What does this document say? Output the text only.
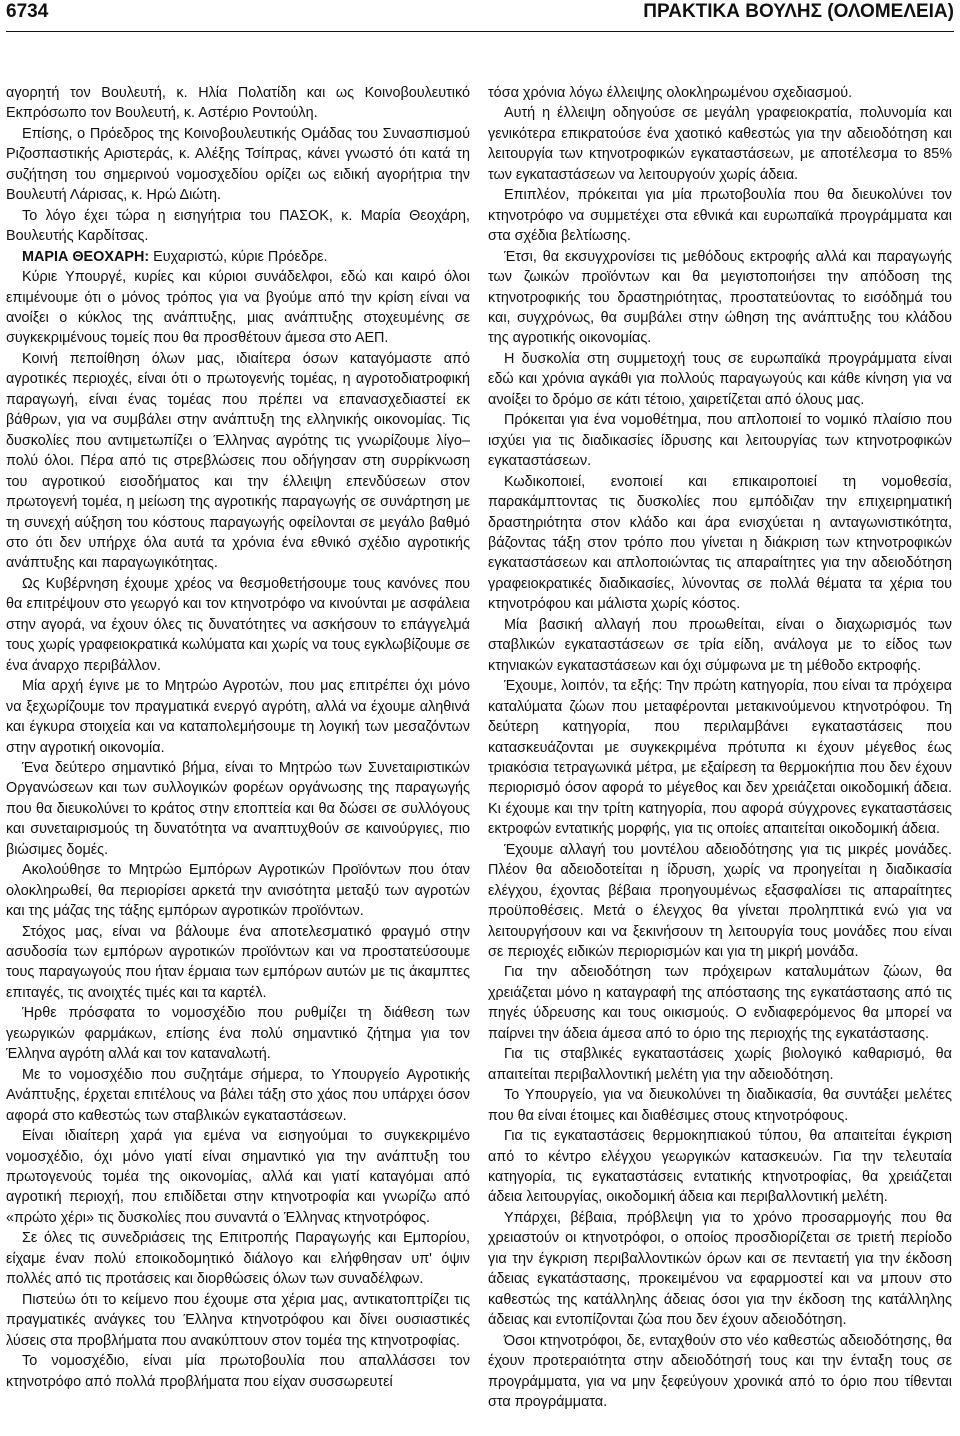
6734	ΠΡΑΚΤΙΚΑ ΒΟΥΛΗΣ (ΟΛΟΜΕΛΕΙΑ)

αγορητή τον Βουλευτή, κ. Ηλία Πολατίδη και ως Κοινοβουλευτικό Εκπρόσωπο τον Βουλευτή, κ. Αστέριο Ροντούλη.

Επίσης, ο Πρόεδρος της Κοινοβουλευτικής Ομάδας του Συνασπισμού Ριζοσπαστικής Αριστεράς, κ. Αλέξης Τσίπρας, κάνει γνωστό ότι κατά τη συζήτηση του σημερινού νομοσχεδίου ορίζει ως ειδική αγορήτρια την Βουλευτή Λάρισας, κ. Ηρώ Διώτη.

Το λόγο έχει τώρα η εισηγήτρια του ΠΑΣΟΚ, κ. Μαρία Θεοχάρη, Βουλευτής Καρδίτσας.

ΜΑΡΙΑ ΘΕΟΧΑΡΗ: Ευχαριστώ, κύριε Πρόεδρε.

Κύριε Υπουργέ, κυρίες και κύριοι συνάδελφοι, εδώ και καιρό όλοι επιμένουμε ότι ο μόνος τρόπος για να βγούμε από την κρίση είναι να ανοίξει ο κύκλος της ανάπτυξης, μιας ανάπτυξης στοχευμένης σε συγκεκριμένους τομείς που θα προσθέτουν άμεσα στο ΑΕΠ.

Κοινή πεποίθηση όλων μας, ιδιαίτερα όσων καταγόμαστε από αγροτικές περιοχές, είναι ότι ο πρωτογενής τομέας, η αγροτοδιατροφική παραγωγή, είναι ένας τομέας που πρέπει να επανασχεδιαστεί εκ βάθρων, για να συμβάλει στην ανάπτυξη της ελληνικής οικονομίας. Τις δυσκολίες που αντιμετωπίζει ο Έλληνας αγρότης τις γνωρίζουμε λίγο–πολύ όλοι. Πέρα από τις στρεβλώσεις που οδήγησαν στη συρρίκνωση του αγροτικού εισοδήματος και την έλλειψη επενδύσεων στον πρωτογενή τομέα, η μείωση της αγροτικής παραγωγής σε συνάρτηση με τη συνεχή αύξηση του κόστους παραγωγής οφείλονται σε μεγάλο βαθμό στο ότι δεν υπήρχε όλα αυτά τα χρόνια ένα εθνικό σχέδιο αγροτικής ανάπτυξης και παραγωγικότητας.

Ως Κυβέρνηση έχουμε χρέος να θεσμοθετήσουμε τους κανόνες που θα επιτρέψουν στο γεωργό και τον κτηνοτρόφο να κινούνται με ασφάλεια στην αγορά, να έχουν όλες τις δυνατότητες να ασκήσουν το επάγγελμά τους χωρίς γραφειοκρατικά κωλύματα και χωρίς να τους εγκλωβίζουμε σε ένα άναρχο περιβάλλον.

Μία αρχή έγινε με το Μητρώο Αγροτών, που μας επιτρέπει όχι μόνο να ξεχωρίζουμε τον πραγματικά ενεργό αγρότη, αλλά να έχουμε αληθινά και έγκυρα στοιχεία και να καταπολεμήσουμε τη λογική των μεσαζόντων στην αγροτική οικονομία.

Ένα δεύτερο σημαντικό βήμα, είναι το Μητρώο των Συνεταιριστικών Οργανώσεων και των συλλογικών φορέων οργάνωσης της παραγωγής που θα διευκολύνει το κράτος στην εποπτεία και θα δώσει σε συλλόγους και συνεταιρισμούς τη δυνατότητα να αναπτυχθούν σε καινούργιες, πιο βιώσιμες δομές.

Ακολούθησε το Μητρώο Εμπόρων Αγροτικών Προϊόντων που όταν ολοκληρωθεί, θα περιορίσει αρκετά την ανισότητα μεταξύ των αγροτών και της μάζας της τάξης εμπόρων αγροτικών προϊόντων.

Στόχος μας, είναι να βάλουμε ένα αποτελεσματικό φραγμό στην ασυδοσία των εμπόρων αγροτικών προϊόντων και να προστατεύσουμε τους παραγωγούς που ήταν έρμαια των εμπόρων αυτών με τις άκαμπτες επιταγές, τις ανοιχτές τιμές και τα καρτέλ.

Ήρθε πρόσφατα το νομοσχέδιο που ρυθμίζει τη διάθεση των γεωργικών φαρμάκων, επίσης ένα πολύ σημαντικό ζήτημα για τον Έλληνα αγρότη αλλά και τον καταναλωτή.

Με το νομοσχέδιο που συζητάμε σήμερα, το Υπουργείο Αγροτικής Ανάπτυξης, έρχεται επιτέλους να βάλει τάξη στο χάος που υπάρχει όσον αφορά στο καθεστώς των σταβλικών εγκαταστάσεων.

Είναι ιδιαίτερη χαρά για εμένα να εισηγούμαι το συγκεκριμένο νομοσχέδιο, όχι μόνο γιατί είναι σημαντικό για την ανάπτυξη του πρωτογενούς τομέα της οικονομίας, αλλά και γιατί καταγόμαι από αγροτική περιοχή, που επιδίδεται στην κτηνοτροφία και γνωρίζω από «πρώτο χέρι» τις δυσκολίες που συναντά ο Έλληνας κτηνοτρόφος.

Σε όλες τις συνεδριάσεις της Επιτροπής Παραγωγής και Εμπορίου, είχαμε έναν πολύ εποικοδομητικό διάλογο και ελήφθησαν υπ' όψιν πολλές από τις προτάσεις και διορθώσεις όλων των συναδέλφων.

Πιστεύω ότι το κείμενο που έχουμε στα χέρια μας, αντικατοπτρίζει τις πραγματικές ανάγκες του Έλληνα κτηνοτρόφου και δίνει ουσιαστικές λύσεις στα προβλήματα που ανακύπτουν στον τομέα της κτηνοτροφίας.

Το νομοσχέδιο, είναι μία πρωτοβουλία που απαλλάσσει τον κτηνοτρόφο από πολλά προβλήματα που είχαν συσσωρευτεί

τόσα χρόνια λόγω έλλειψης ολοκληρωμένου σχεδιασμού.

Αυτή η έλλειψη οδηγούσε σε μεγάλη γραφειοκρατία, πολυνομία και γενικότερα επικρατούσε ένα χαοτικό καθεστώς για την αδειοδότηση και λειτουργία των κτηνοτροφικών εγκαταστάσεων, με αποτέλεσμα το 85% των εγκαταστάσεων να λειτουργούν χωρίς άδεια.

Επιπλέον, πρόκειται για μία πρωτοβουλία που θα διευκολύνει τον κτηνοτρόφο να συμμετέχει στα εθνικά και ευρωπαϊκά προγράμματα και στα σχέδια βελτίωσης.

Έτσι, θα εκσυγχρονίσει τις μεθόδους εκτροφής αλλά και παραγωγής των ζωικών προϊόντων και θα μεγιστοποιήσει την απόδοση της κτηνοτροφικής του δραστηριότητας, προστατεύοντας το εισόδημά του και, συγχρόνως, θα συμβάλει στην ώθηση της ανάπτυξης του κλάδου της αγροτικής οικονομίας.

Η δυσκολία στη συμμετοχή τους σε ευρωπαϊκά προγράμματα είναι εδώ και χρόνια αγκάθι για πολλούς παραγωγούς και κάθε κίνηση για να ανοίξει το δρόμο σε κάτι τέτοιο, χαιρετίζεται από όλους μας.

Πρόκειται για ένα νομοθέτημα, που απλοποιεί το νομικό πλαίσιο που ισχύει για τις διαδικασίες ίδρυσης και λειτουργίας των κτηνοτροφικών εγκαταστάσεων.

Κωδικοποιεί, ενοποιεί και επικαιροποιεί τη νομοθεσία, παρακάμπτοντας τις δυσκολίες που εμπόδιζαν την επιχειρηματική δραστηριότητα στον κλάδο και άρα ενισχύεται η ανταγωνιστικότητα, βάζοντας τάξη στον τρόπο που γίνεται η διάκριση των κτηνοτροφικών εγκαταστάσεων και απλοποιώντας τις απαραίτητες για την αδειοδότηση γραφειοκρατικές διαδικασίες, λύνοντας σε πολλά θέματα τα χέρια του κτηνοτρόφου και μάλιστα χωρίς κόστος.

Μία βασική αλλαγή που προωθείται, είναι ο διαχωρισμός των σταβλικών εγκαταστάσεων σε τρία είδη, ανάλογα με το είδος των κτηνιακών εγκαταστάσεων και όχι σύμφωνα με τη μέθοδο εκτροφής.

Έχουμε, λοιπόν, τα εξής: Την πρώτη κατηγορία, που είναι τα πρόχειρα καταλύματα ζώων που μεταφέρονται μετακινούμενου κτηνοτρόφου. Τη δεύτερη κατηγορία, που περιλαμβάνει εγκαταστάσεις που κατασκευάζονται με συγκεκριμένα πρότυπα κι έχουν μέγεθος έως τριακόσια τετραγωνικά μέτρα, με εξαίρεση τα θερμοκήπια που δεν έχουν περιορισμό όσον αφορά το μέγεθος και δεν χρειάζεται οικοδομική άδεια. Κι έχουμε και την τρίτη κατηγορία, που αφορά σύγχρονες εγκαταστάσεις εκτροφών εντατικής μορφής, για τις οποίες απαιτείται οικοδομική άδεια.

Έχουμε αλλαγή του μοντέλου αδειοδότησης για τις μικρές μονάδες. Πλέον θα αδειοδοτείται η ίδρυση, χωρίς να προηγείται η διαδικασία ελέγχου, έχοντας βέβαια προηγουμένως εξασφαλίσει τις απαραίτητες προϋποθέσεις. Μετά ο έλεγχος θα γίνεται προληπτικά ενώ για να λειτουργήσουν και να ξεκινήσουν τη λειτουργία τους μονάδες που είναι σε περιοχές ειδικών περιορισμών και για τη μικρή μονάδα.

Για την αδειοδότηση των πρόχειρων καταλυμάτων ζώων, θα χρειάζεται μόνο η καταγραφή της απόστασης της εγκατάστασης από τις πηγές ύδρευσης και τους οικισμούς. Ο ενδιαφερόμενος θα μπορεί να παίρνει την άδεια άμεσα από το όριο της περιοχής της εγκατάστασης.

Για τις σταβλικές εγκαταστάσεις χωρίς βιολογικό καθαρισμό, θα απαιτείται περιβαλλοντική μελέτη για την αδειοδότηση.

Το Υπουργείο, για να διευκολύνει τη διαδικασία, θα συντάξει μελέτες που θα είναι έτοιμες και διαθέσιμες στους κτηνοτρόφους.

Για τις εγκαταστάσεις θερμοκηπιακού τύπου, θα απαιτείται έγκριση από το κέντρο ελέγχου γεωργικών κατασκευών. Για την τελευταία κατηγορία, τις εγκαταστάσεις εντατικής κτηνοτροφίας, θα χρειάζεται άδεια λειτουργίας, οικοδομική άδεια και περιβαλλοντική μελέτη.

Υπάρχει, βέβαια, πρόβλεψη για το χρόνο προσαρμογής που θα χρειαστούν οι κτηνοτρόφοι, ο οποίος προσδιορίζεται σε τριετή περίοδο για την έγκριση περιβαλλοντικών όρων και σε πενταετή για την έκδοση άδειας εγκατάστασης, προκειμένου να εφαρμοστεί και να μπουν στο καθεστώς της κατάλληλης άδειας όσοι για την έκδοση της κατάλληλης άδειας και εντοπίζονται ζώα που δεν έχουν αδειοδότηση.

Όσοι κτηνοτρόφοι, δε, ενταχθούν στο νέο καθεστώς αδειοδότησης, θα έχουν προτεραιότητα στην αδειοδότησή τους και την ένταξη τους σε προγράμματα, για να μην ξεφεύγουν χρονικά από το όριο που τίθενται στα προγράμματα.
